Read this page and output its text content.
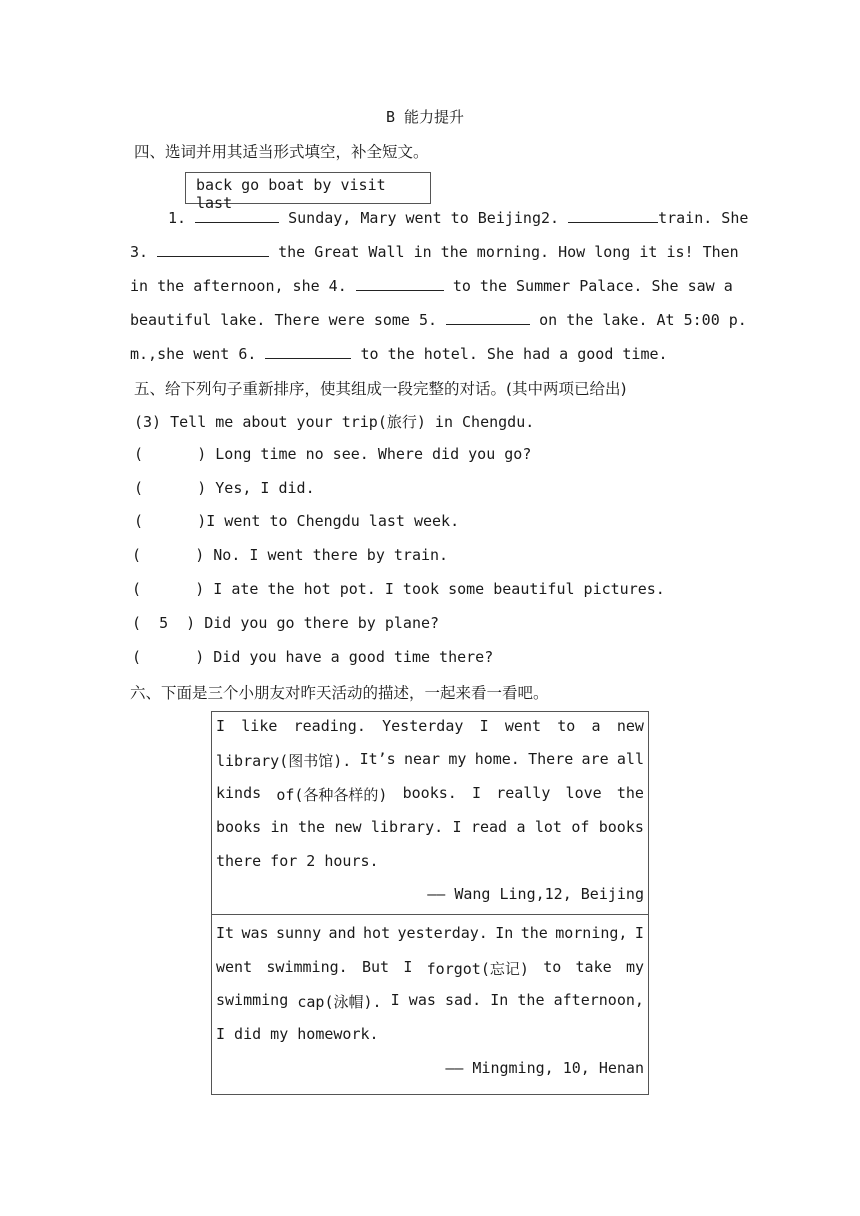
B 能力提升
四、选词并用其适当形式填空，补全短文。
back go boat by visit last
1.	Sunday, Mary went to Beijing2.	train. She
3.	the Great Wall in the morning. How long it is! Then
in the afternoon, she 4.	to the Summer Palace. She saw a
beautiful lake. There were some 5.	on the lake. At 5:00 p.
m.,she went 6.	to the hotel. She had a good time.
五、给下列句子重新排序，使其组成一段完整的对话。(其中两项已给出)
(3) Tell me about your trip(旅行) in Chengdu.
(      ) Long time no see. Where did you go?
(      ) Yes, I did.
(      )I went to Chengdu last week.
(      ) No. I went there by train.
(      ) I ate the hot pot. I took some beautiful pictures.
(  5  ) Did you go there by plane?
(      ) Did you have a good time there?
六、下面是三个小朋友对昨天活动的描述，一起来看一看吧。
I like reading. Yesterday I went to a new
library(图书馆). It’s near my home. There are all
kinds of(各种各样的) books. I really love the
books in the new library. I read a lot of books
there for 2 hours.
—— Wang Ling,12, Beijing
It was sunny and hot yesterday. In the morning, I
went swimming. But I forgot(忘记) to take my
swimming cap(泳帽). I was sad. In the afternoon,
I did my homework.
—— Mingming, 10, Henan
